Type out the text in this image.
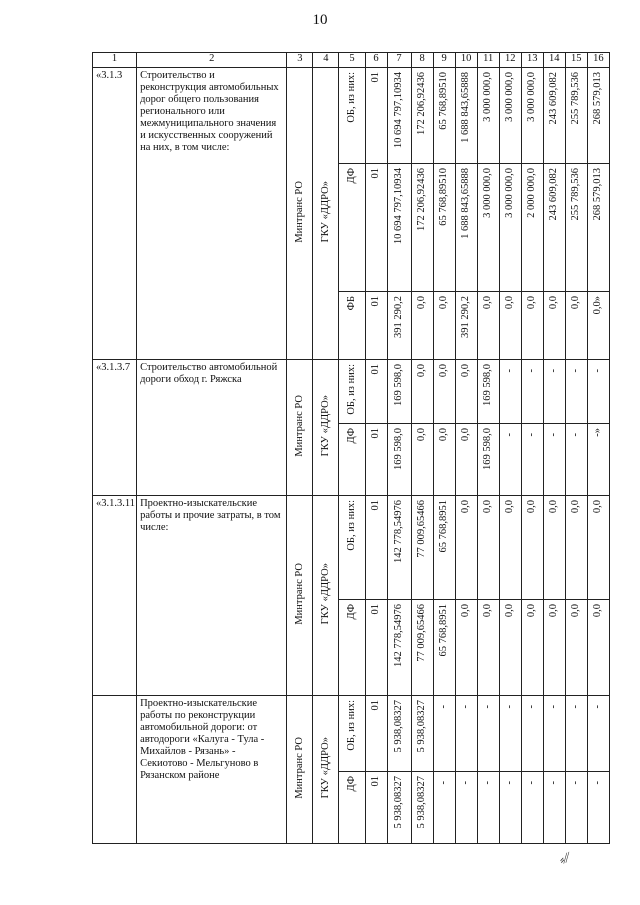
10
1	2	3	4	5	6	7	8	9	10	11	12	13	14	15	16
«3.1.3	Строительство и реконструкция автомобильных дорог общего пользования регионального или межмуниципального значения и искусственных сооружений на них, в том числе:	Минтранс РО	ГКУ «ДДРО»	ОБ, из них:	01	10 694 797,10934	172 206,92436	65 768,89510	1 688 843,65888	3 000 000,0	3 000 000,0	3 000 000,0	243 609,082	255 789,536	268 579,013
				ДФ	01	10 694 797,10934	172 206,92436	65 768,89510	1 688 843,65888	3 000 000,0	3 000 000,0	2 000 000,0	243 609,082	255 789,536	268 579,013
				ФБ	01	391 290,2	0,0	0,0	391 290,2	0,0	0,0	0,0	0,0	0,0	0,0»
«3.1.3.7	Строительство автомобильной дороги обход г. Ряжска	Минтранс РО	ГКУ «ДДРО»	ОБ, из них:	01	169 598,0	0,0	0,0	0,0	169 598,0	-	-	-	-	-
				ДФ	01	169 598,0	0,0	0,0	0,0	169 598,0	-	-	-	-	-»
«3.1.3.11	Проектно-изыскательские работы и прочие затраты, в том числе:	Минтранс РО	ГКУ «ДДРО»	ОБ, из них:	01	142 778,54976	77 009,65466	65 768,8951	0,0	0,0	0,0	0,0	0,0	0,0	0,0
				ДФ	01	142 778,54976	77 009,65466	65 768,8951	0,0	0,0	0,0	0,0	0,0	0,0	0,0
	Проектно-изыскательские работы по реконструкции автомобильной дороги: от автодороги «Калуга - Тула - Михайлов - Рязань» - Секиотово - Мельгуново в Рязанском районе	Минтранс РО	ГКУ «ДДРО»	ОБ, из них:	01	5 938,08327	5 938,08327	-	-	-	-	-	-	-	-
				ДФ	01	5 938,08327	5 938,08327	-	-	-	-	-	-	-	-
⸗⁄⁄
